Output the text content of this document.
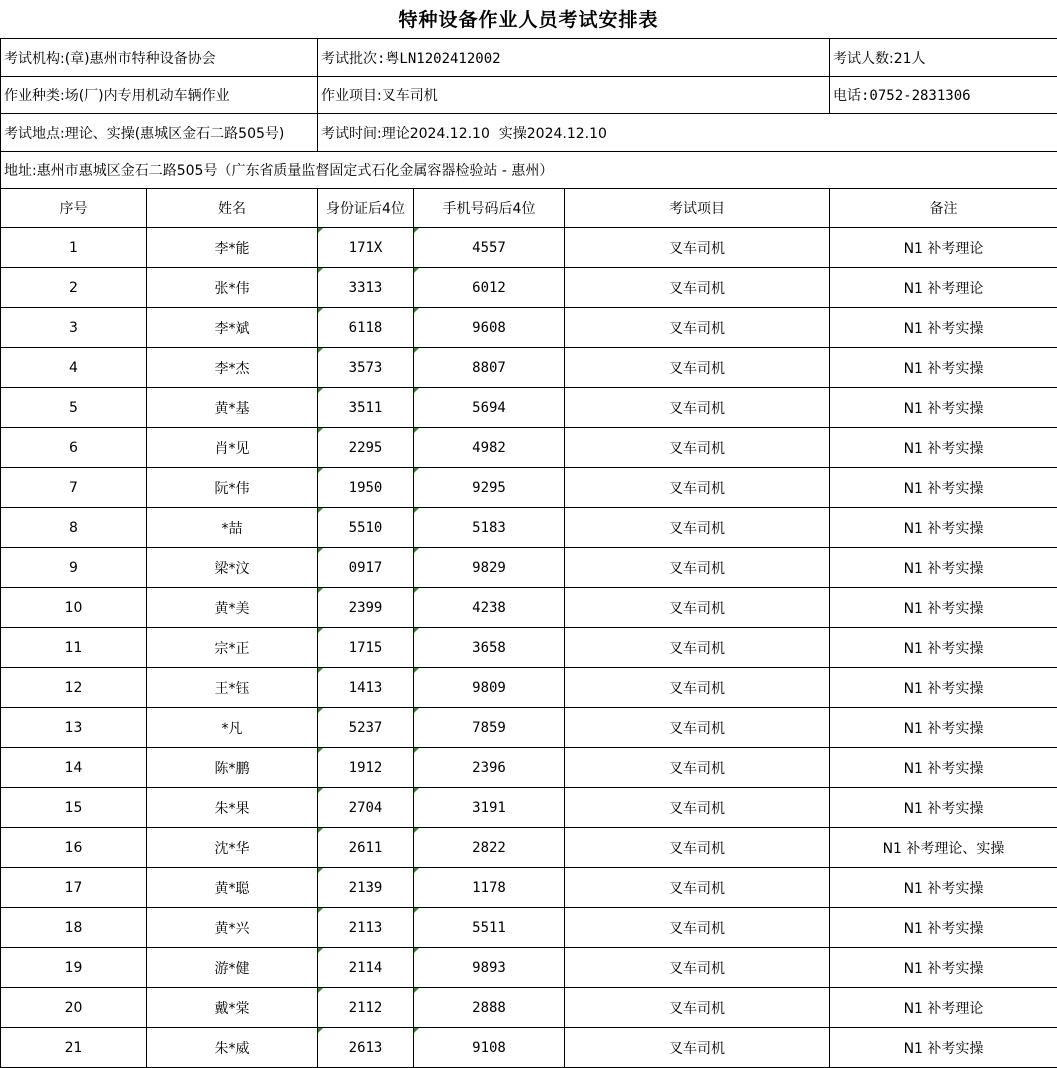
特种设备作业人员考试安排表
考试机构:(章)惠州市特种设备协会	考试批次:粤LN1202412002	考试人数:21人
作业种类:场(厂)内专用机动车辆作业	作业项目:叉车司机	电话:0752-2831306
考试地点:理论、实操(惠城区金石二路505号)	考试时间:理论2024.12.10  实操2024.12.10	
地址:惠州市惠城区金石二路505号（广东省质量监督固定式石化金属容器检验站 - 惠州）		
序号	姓名	身份证后4位	手机号码后4位	考试项目	备注
1	李*能	171X	4557	叉车司机	N1 补考理论
2	张*伟	3313	6012	叉车司机	N1 补考理论
3	李*斌	6118	9608	叉车司机	N1 补考实操
4	李*杰	3573	8807	叉车司机	N1 补考实操
5	黄*基	3511	5694	叉车司机	N1 补考实操
6	肖*见	2295	4982	叉车司机	N1 补考实操
7	阮*伟	1950	9295	叉车司机	N1 补考实操
8	*喆	5510	5183	叉车司机	N1 补考实操
9	梁*汶	0917	9829	叉车司机	N1 补考实操
10	黄*美	2399	4238	叉车司机	N1 补考实操
11	宗*正	1715	3658	叉车司机	N1 补考实操
12	王*钰	1413	9809	叉车司机	N1 补考实操
13	*凡	5237	7859	叉车司机	N1 补考实操
14	陈*鹏	1912	2396	叉车司机	N1 补考实操
15	朱*果	2704	3191	叉车司机	N1 补考实操
16	沈*华	2611	2822	叉车司机	N1 补考理论、实操
17	黄*聪	2139	1178	叉车司机	N1 补考实操
18	黄*兴	2113	5511	叉车司机	N1 补考实操
19	游*健	2114	9893	叉车司机	N1 补考实操
20	戴*棠	2112	2888	叉车司机	N1 补考理论
21	朱*威	2613	9108	叉车司机	N1 补考实操
